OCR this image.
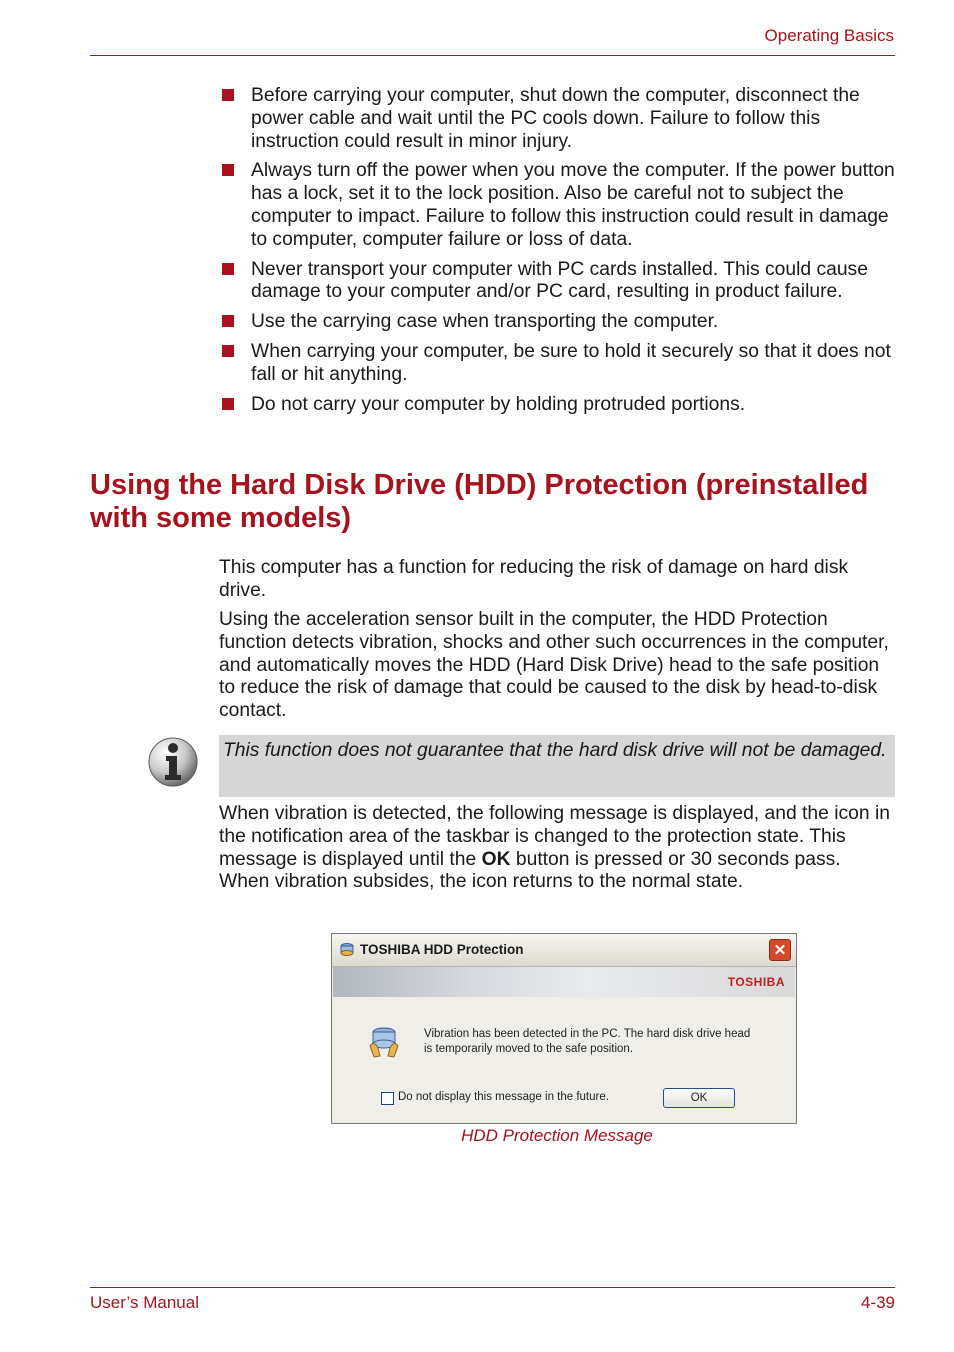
Operating Basics
Before carrying your computer, shut down the computer, disconnect the power cable and wait until the PC cools down. Failure to follow this instruction could result in minor injury.
Always turn off the power when you move the computer. If the power button has a lock, set it to the lock position. Also be careful not to subject the computer to impact. Failure to follow this instruction could result in damage to computer, computer failure or loss of data.
Never transport your computer with PC cards installed. This could cause damage to your computer and/or PC card, resulting in product failure.
Use the carrying case when transporting the computer.
When carrying your computer, be sure to hold it securely so that it does not fall or hit anything.
Do not carry your computer by holding protruded portions.
Using the Hard Disk Drive (HDD) Protection (preinstalled with some models)

This computer has a function for reducing the risk of damage on hard disk drive.

Using the acceleration sensor built in the computer, the HDD Protection function detects vibration, shocks and other such occurrences in the computer, and automatically moves the HDD (Hard Disk Drive) head to the safe position to reduce the risk of damage that could be caused to the disk by head-to-disk contact.

This function does not guarantee that the hard disk drive will not be damaged.

When vibration is detected, the following message is displayed, and the icon in the notification area of the taskbar is changed to the protection state. This message is displayed until the OK button is pressed or 30 seconds pass. When vibration subsides, the icon returns to the normal state.

TOSHIBA HDD Protection	✕
TOSHIBA
Vibration has been detected in the PC. The hard disk drive head is temporarily moved to the safe position.
Do not display this message in the future.	OK
HDD Protection Message
User’s Manual	4-39
